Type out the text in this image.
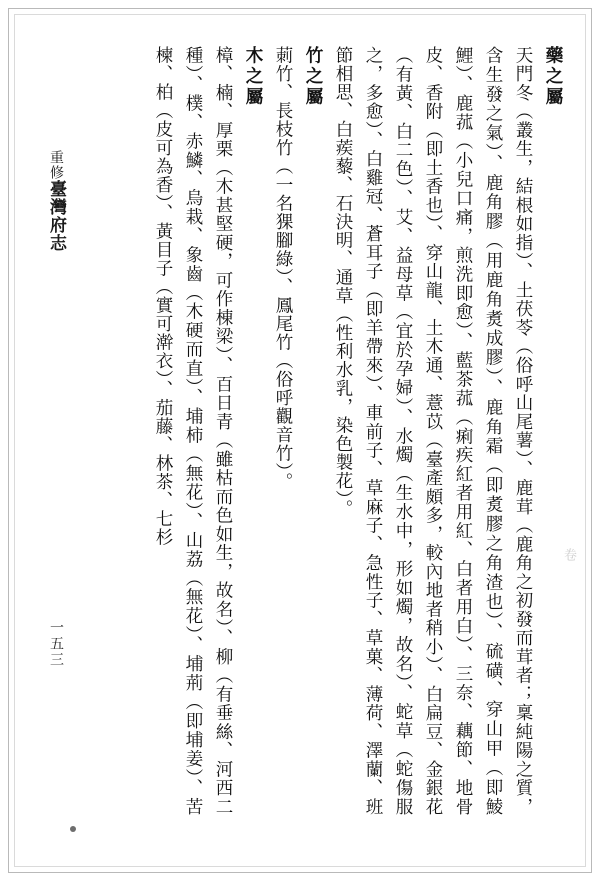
藥之屬

天門冬（叢生，結根如指）、土茯苓（俗呼山尾薯）、鹿茸（鹿角之初發而茸者；稟純陽之質，含生發之氣）、鹿角膠（用鹿角煑成膠）、鹿角霜（即煑膠之角渣也）、硫磺、穿山甲（即鯪鯉）、鹿菰（小兒口痛，煎洗即愈）、藍茶菰（痢疾紅者用紅、白者用白）、三奈、藕節、地骨皮、香附（即土香也）、穿山龍、土木通、薏苡（臺產頗多，較內地者稍小）、白扁豆、金銀花（有黃、白二色）、艾、益母草（宜於孕婦）、水燭（生水中，形如燭，故名）、蛇草（蛇傷服之，多愈）、白雞冠、蒼耳子（即羊帶來）、車前子、草麻子、急性子、草菓、薄荷、澤蘭、班節相思、白蒺藜、石決明、通草（性利水乳，染色製花）。

竹之屬

莿竹、長枝竹（一名猓腳綠）、鳳尾竹（俗呼觀音竹）。

木之屬

樟、楠、厚栗（木甚堅硬，可作棟梁）、百日青（雖枯而色如生，故名）、柳（有垂絲、河西二種）、樸、赤鱗、烏栽、象齒（木硬而直）、埔柿（無花）、山荔（無花）、埔荊（即埔姜）、苦楝、柏（皮可為香）、黃目子（實可澣衣）、茄藤、林茶、七杉

重修臺灣府志
一五三
卷
